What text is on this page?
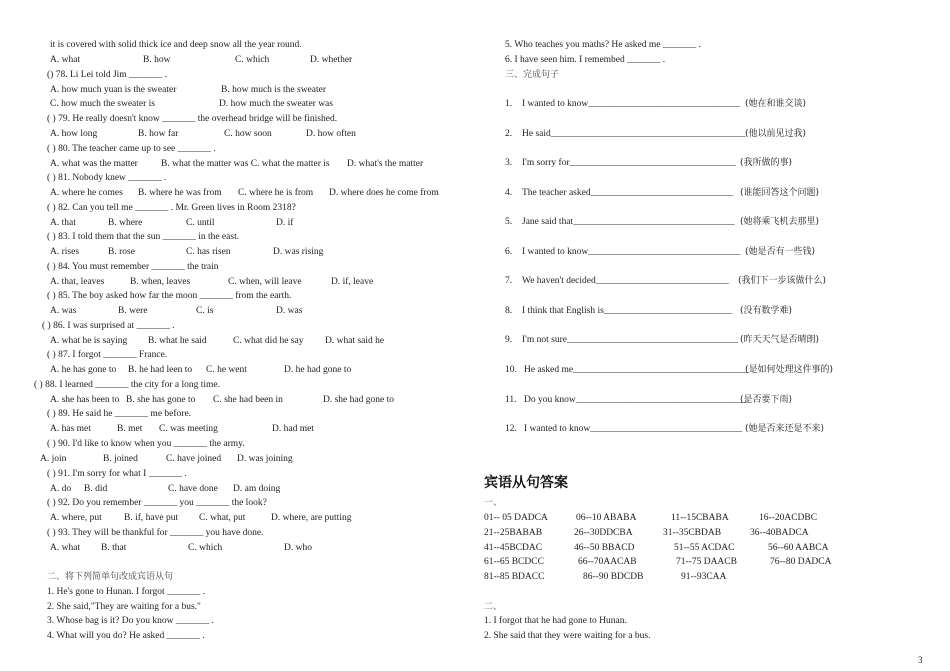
it is covered with solid thick ice and deep snow all the year round.
A. what	B. how	C. which	D. whether
() 78. Li Lei told Jim _______ .
A. how much yuan is the sweater	B. how much is the sweater
C. how much the sweater is	D. how much the sweater was
( ) 79. He really doesn't know _______ the overhead bridge will be finished.
A. how long	B. how far	C. how soon	D. how often
( ) 80. The teacher came up to see _______ .
A. what was the matter B. what the matter was C. what the matter is D. what's the matter
( ) 81. Nobody knew _______ .
A. where he comes B. where he was from C. where he is from D. where does he come from
( ) 82. Can you tell me _______ . Mr. Green lives in Room 2318?
A. that	B. where	C. until	D. if
( ) 83. I told them that the sun _______ in the east.
A. rises	B. rose	C. has risen	D. was rising
( ) 84. You must remember _______ the train
A. that, leaves	B. when, leaves	C. when, will leave	D. if, leave
( ) 85. The boy asked how far the moon _______ from the earth.
A. was	B. were	C. is	D. was
( ) 86. I was surprised at _______ .
A. what he is saying B. what he said	C. what did he say D. what said he
( ) 87. I forgot _______ France.
A. he has gone to B. he had leen to C. he went	D. he had gone to
( ) 88. I learned _______ the city for a long time.
A. she has been to B. she has gone to C. she had been in	D. she had gone to
( ) 89. He said he _______ me before.
A. has met	B. met C. was meeting	D. had met
( ) 90. I'd like to know when you _______ the army.
A. join	B. joined	C. have joined D. was joining
( ) 91. I'm sorry for what I _______ .
A. do B. did	C. have done D. am doing
( ) 92. Do you remember _______ you _______ the look?
A. where, put B. if, have put C. what, put	D. where, are putting
( ) 93. They will be thankful for _______ you have done.
A. what B. that	C. which	D. who
二、将下列简单句改成宾语从句
1. He's gone to Hunan. I forgot _______ .
2. She said,"They are waiting for a bus."
3. Whose bag is it? Do you know _______ .
4. What will you do? He asked _______ .
5. Who teaches you maths? He asked me _______ .
6. I have seen him. I remembed _______ .
三、完成句子
1. I wanted to know________________________________ (她在和谁交谈)
2. He said_________________________________________ (他以前见过我)
3. I'm sorry for___________________________________ (我所做的事)
4. The teacher asked______________________________ (谁能回答这个问题)
5. Jane said that__________________________________ (她将乘飞机去那里)
6. I wanted to know________________________________ (她是否有一些钱)
7. We haven't decided____________________________ (我们下一步该做什么)
8. I think that English is___________________________ (没有数学难)
9. I'm not sure____________________________________ (昨天天气是否晴朗)
10. He asked me_____________________________________
(是如何处理这件事的)
11. Do you know____________________________________
(是否要下雨)
12. I wanted to know________________________________ (她是否来还是不来)
宾语从句答案
一、
01-- 05 DADCA	06--10 ABABA	11--15CBABA	16--20ACDBC
21--25BABAB	26--30DDCBA	31--35CBDAB	36--40BADCA
41--45BCDAC	46--50 BBACD	51--55 ACDAC	56--60 AABCA
61--65 BCDCC	66--70AACAB	71--75 DAACB	76--80 DADCA
81--85 BDACC	86--90 BDCDB	91--93CAA
二、
1. I forgot that he had gone to Hunan.
2. She said that they were waiting for a bus.
3
